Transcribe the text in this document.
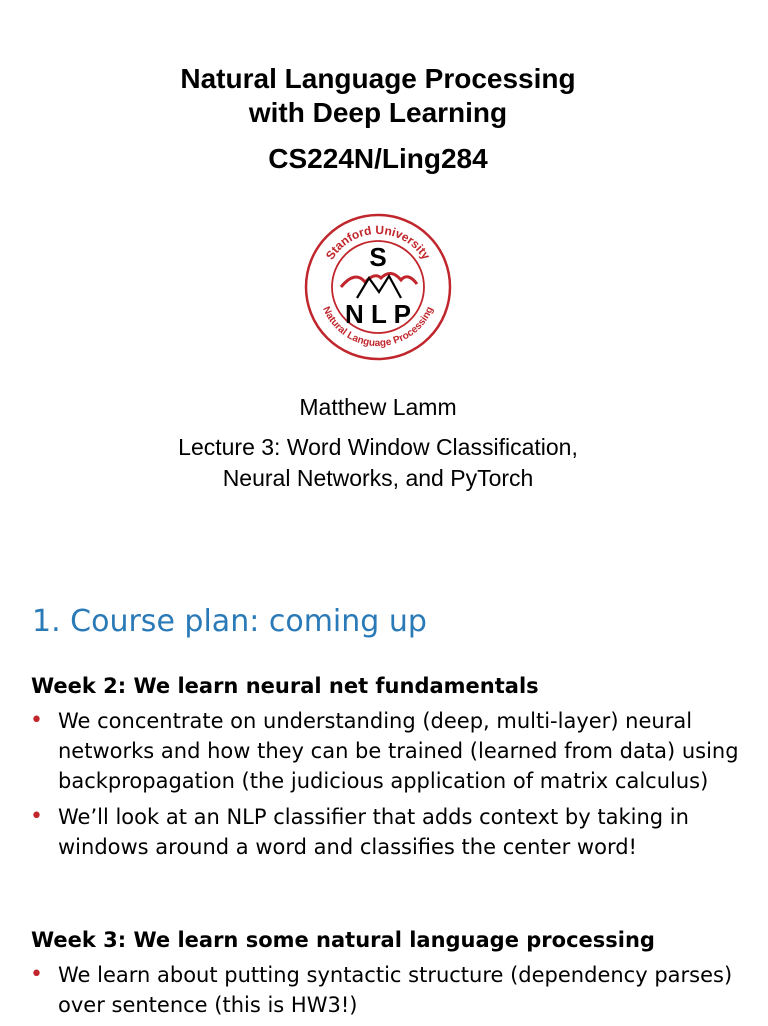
Natural Language Processing
with Deep Learning
CS224N/Ling284
Stanford University
Natural Language Processing
S
N L P
Matthew Lamm
Lecture 3: Word Window Classification,
Neural Networks, and PyTorch
1. Course plan: coming up
Week 2: We learn neural net fundamentals
• We concentrate on understanding (deep, multi-layer) neural networks and how they can be trained (learned from data) using backpropagation (the judicious application of matrix calculus)
• We’ll look at an NLP classifier that adds context by taking in windows around a word and classifies the center word!
Week 3: We learn some natural language processing
• We learn about putting syntactic structure (dependency parses) over sentence (this is HW3!)
